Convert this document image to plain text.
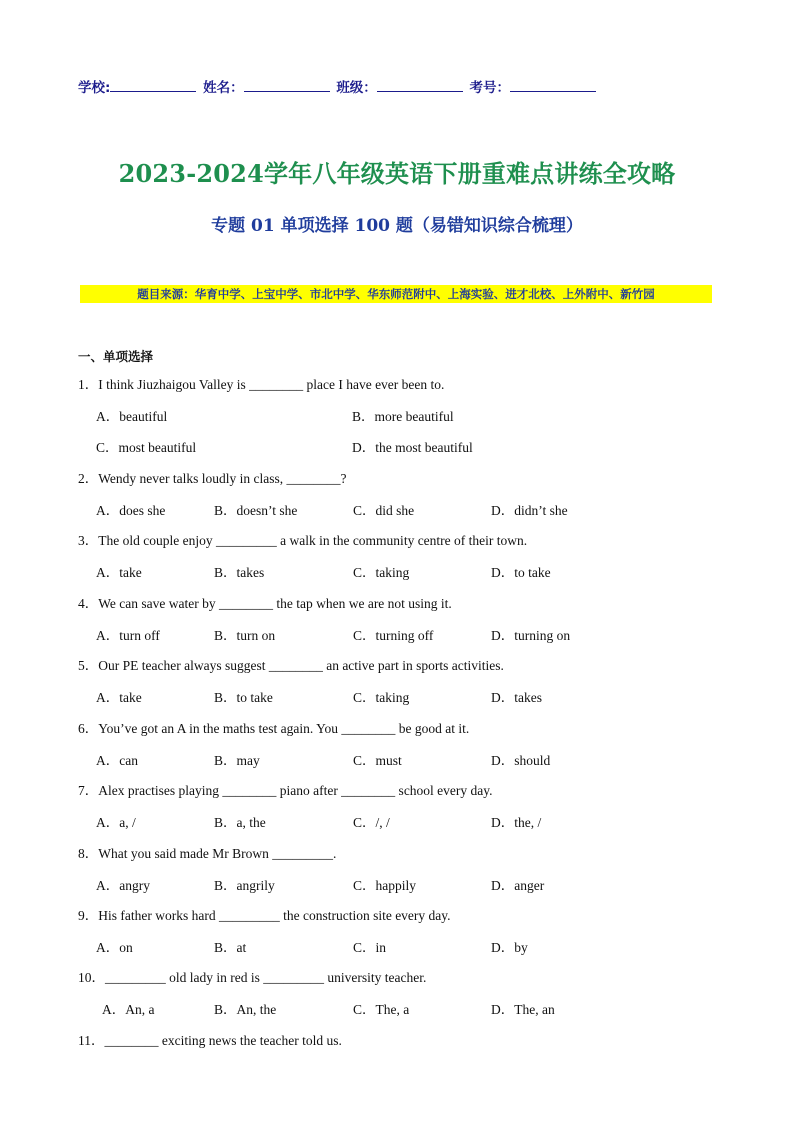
学校:	姓名：	班级：	考号：
2023-2024学年八年级英语下册重难点讲练全攻略
专题 01 单项选择 100 题（易错知识综合梳理）
题目来源：华育中学、上宝中学、市北中学、华东师范附中、上海实验、进才北校、上外附中、新竹园
一、单项选择
1．I think Jiuzhaigou Valley is ________ place I have ever been to.
A．beautiful	B．more beautiful
C．most beautiful	D．the most beautiful
2．Wendy never talks loudly in class, ________?
A．does she	B．doesn’t she	C．did she	D．didn’t she
3．The old couple enjoy _________ a walk in the community centre of their town.
A．take	B．takes	C．taking	D．to take
4．We can save water by ________ the tap when we are not using it.
A．turn off	B．turn on	C．turning off	D．turning on
5．Our PE teacher always suggest ________ an active part in sports activities.
A．take	B．to take	C．taking	D．takes
6．You’ve got an A in the maths test again. You ________ be good at it.
A．can	B．may	C．must	D．should
7．Alex practises playing ________ piano after ________ school every day.
A．a, /	B．a, the	C．/, /	D．the, /
8．What you said made Mr Brown _________.
A．angry	B．angrily	C．happily	D．anger
9．His father works hard _________ the construction site every day.
A．on	B．at	C．in	D．by
10．_________ old lady in red is _________ university teacher.
A．An, a	B．An, the	C．The, a	D．The, an
11．________ exciting news the teacher told us.
